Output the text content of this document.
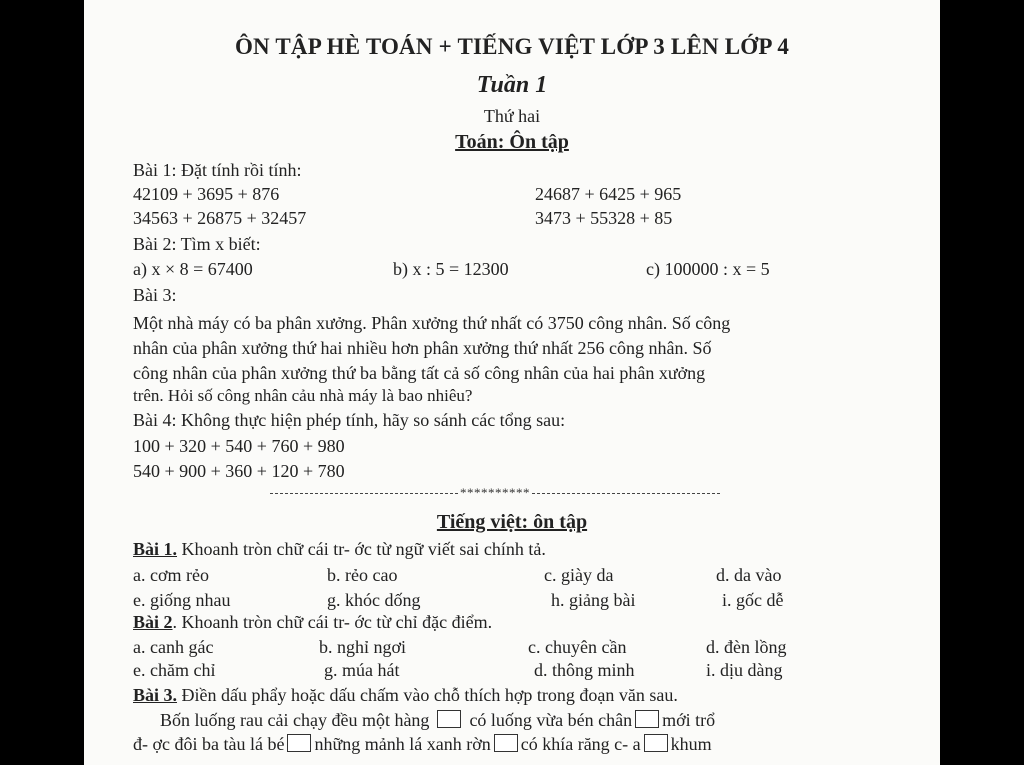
ÔN TẬP HÈ TOÁN + TIẾNG VIỆT LỚP 3 LÊN LỚP 4
Tuần 1
Thứ hai
Toán: Ôn tập
Bài 1: Đặt tính rồi tính:
42109 + 3695 + 876	24687 + 6425 + 965
34563 + 26875 + 32457	3473 + 55328 + 85
Bài 2: Tìm x biết:
a) x × 8 = 67400	b) x : 5 = 12300	c) 100000 : x = 5
Bài 3:
Một nhà máy có ba phân xưởng. Phân xưởng thứ nhất có 3750 công nhân. Số công
nhân của phân xưởng thứ hai nhiều hơn phân xưởng thứ nhất 256 công nhân. Số
công nhân của phân xưởng thứ ba bằng tất cả số công nhân của hai phân xưởng
trên. Hỏi số công nhân cảu nhà máy là bao nhiêu?
Bài 4: Không thực hiện phép tính, hãy so sánh các tổng sau:
100 + 320 + 540 + 760 + 980
540 + 900 + 360 + 120 + 780
**********
Tiếng việt: ôn tập
Bài 1. Khoanh tròn chữ cái tr- ớc từ ngữ viết sai chính tả.
a. cơm rẻo	b. rẻo cao	c. giày da	d. da vào
e. giống nhau	g. khóc dống	h. giảng bài	i. gốc dễ
Bài 2. Khoanh tròn chữ cái tr- ớc từ chỉ đặc điểm.
a. canh gác	b. nghỉ ngơi	c. chuyên cần	d. đèn lồng
e. chăm chỉ	g. múa hát	d. thông minh	i. dịu dàng
Bài 3. Điền dấu phẩy hoặc dấu chấm vào chỗ thích hợp trong đoạn văn sau.
Bốn luống rau cải chạy đều một hàng có luống vừa bén chân mới trổ
đ- ợc đôi ba tàu lá bé những mảnh lá xanh rờn có khía răng c- a khum
